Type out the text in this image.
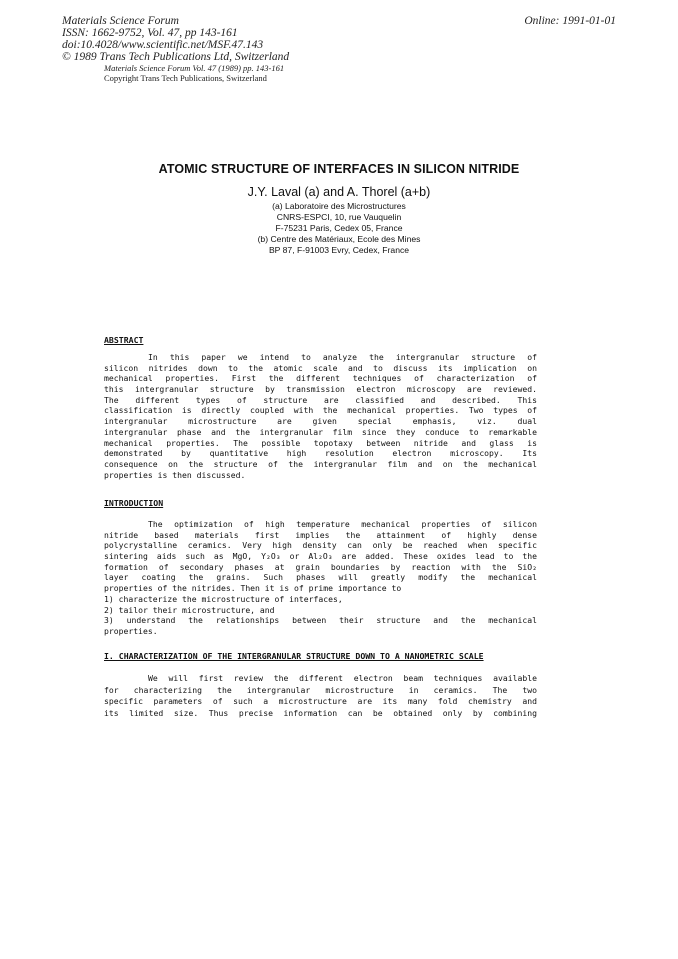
Materials Science Forum
ISSN: 1662-9752, Vol. 47, pp 143-161
doi:10.4028/www.scientific.net/MSF.47.143
© 1989 Trans Tech Publications Ltd, Switzerland
Online: 1991-01-01
Materials Science Forum Vol. 47 (1989) pp. 143-161
Copyright Trans Tech Publications, Switzerland
ATOMIC STRUCTURE OF INTERFACES IN SILICON NITRIDE
J.Y. Laval (a) and A. Thorel (a+b)
(a) Laboratoire des Microstructures
CNRS-ESPCI, 10, rue Vauquelin
F-75231 Paris, Cedex 05, France
(b) Centre des Matériaux, Ecole des Mines
BP 87, F-91003 Evry, Cedex, France
ABSTRACT
In this paper we intend to analyze the intergranular structure of
silicon nitrides down to the atomic scale and to discuss its implication on
mechanical properties. First the different techniques of characterization of
this intergranular structure by transmission electron microscopy are reviewed.
The different types of structure are classified and described. This
classification is directly coupled with the mechanical properties. Two types of
intergranular microstructure are given special emphasis, viz. dual
intergranular phase and the intergranular film since they conduce to remarkable
mechanical properties. The possible topotaxy between nitride and glass is
demonstrated by quantitative high resolution electron microscopy. Its
consequence on the structure of the intergranular film and on the mechanical
properties is then discussed.
INTRODUCTION
The optimization of high temperature mechanical properties of silicon
nitride based materials first implies the attainment of highly dense
polycrystalline ceramics. Very high density can only be reached when specific
sintering aids such as MgO, Y₂O₃ or Al₂O₃ are added. These oxides lead to the
formation of secondary phases at grain boundaries by reaction with the SiO₂
layer coating the grains. Such phases will greatly modify the mechanical
properties of the nitrides. Then it is of prime importance to
1) characterize the microstructure of interfaces,
2) tailor their microstructure, and
3) understand the relationships between their structure and the mechanical
properties.
I. CHARACTERIZATION OF THE INTERGRANULAR STRUCTURE DOWN TO A NANOMETRIC SCALE
We will first review the different electron beam techniques available
for characterizing the intergranular microstructure in ceramics. The two
specific parameters of such a microstructure are its many fold chemistry and
its limited size. Thus precise information can be obtained only by combining
